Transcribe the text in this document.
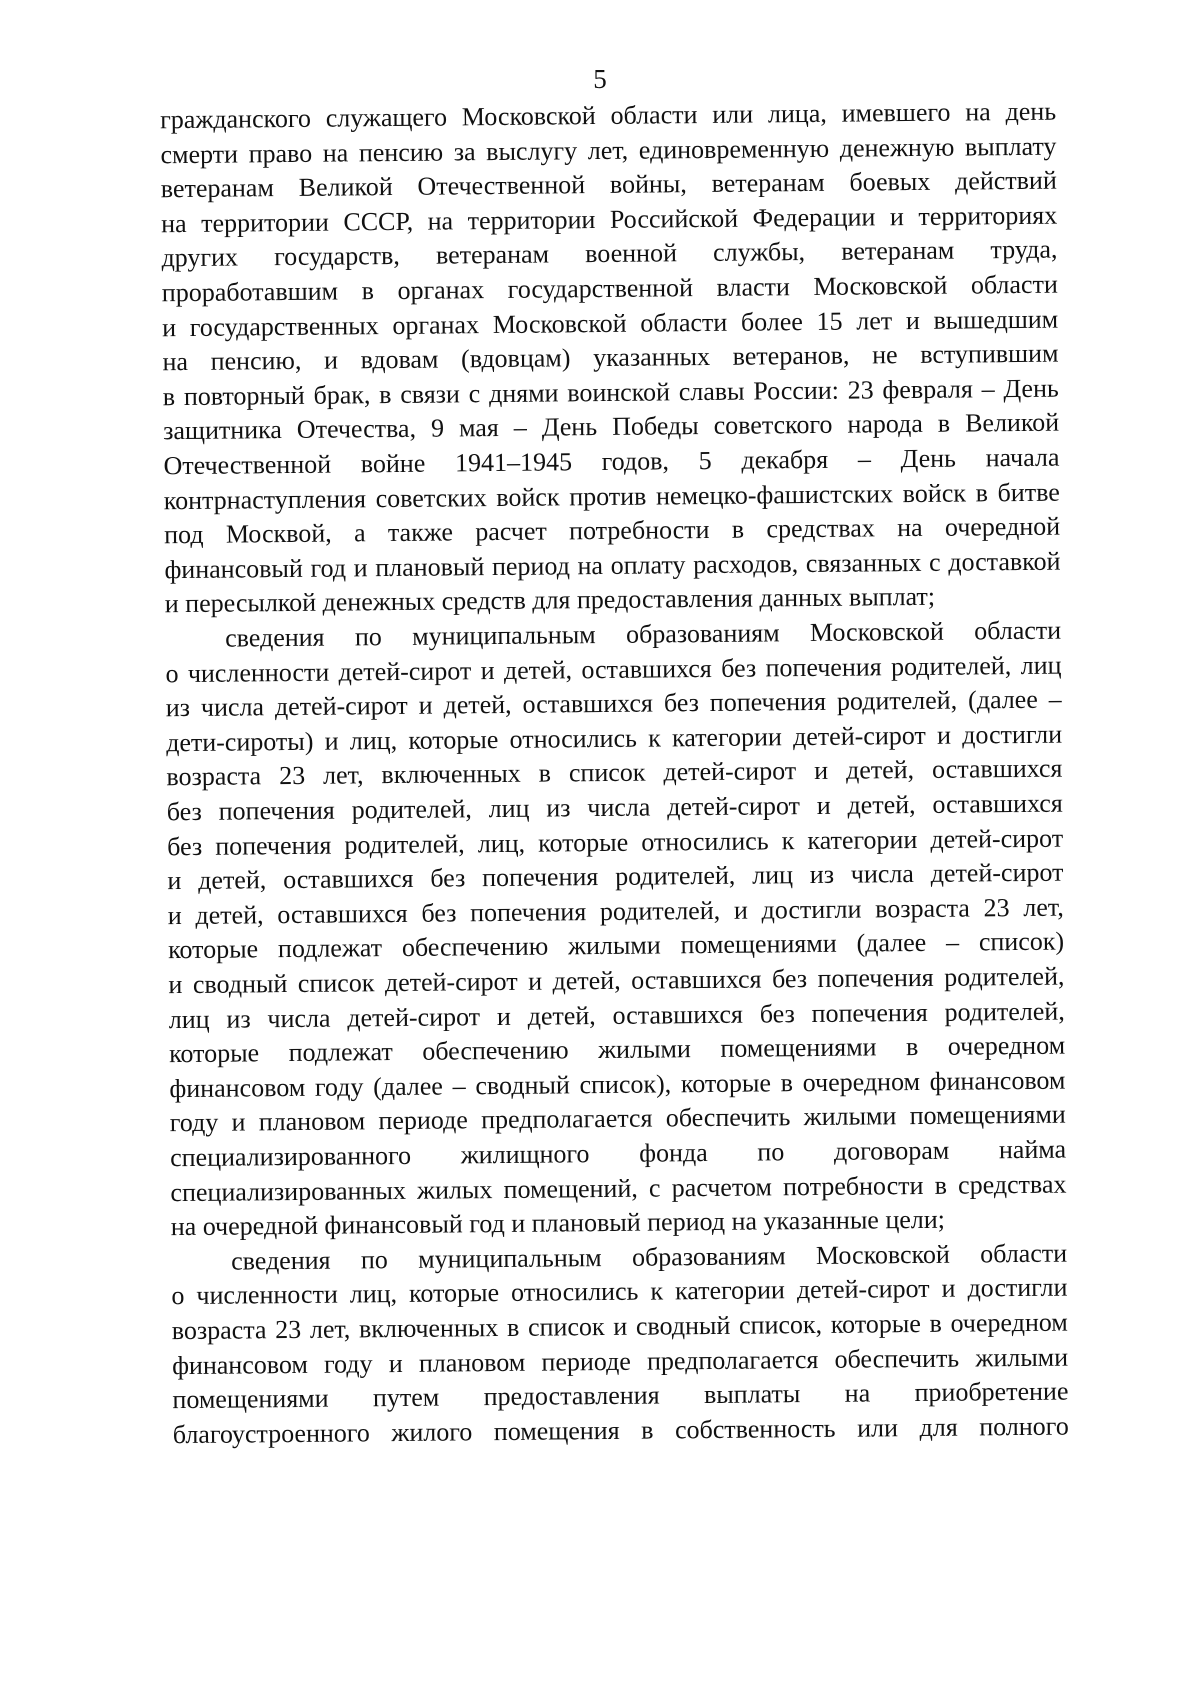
5
гражданского служащего Московской области или лица, имевшего на день
смерти право на пенсию за выслугу лет, единовременную денежную выплату
ветеранам Великой Отечественной войны, ветеранам боевых действий
на территории СССР, на территории Российской Федерации и территориях
других государств, ветеранам военной службы, ветеранам труда,
проработавшим в органах государственной власти Московской области
и государственных органах Московской области более 15 лет и вышедшим
на пенсию, и вдовам (вдовцам) указанных ветеранов, не вступившим
в повторный брак, в связи с днями воинской славы России: 23 февраля – День
защитника Отечества, 9 мая – День Победы советского народа в Великой
Отечественной войне 1941–1945 годов, 5 декабря – День начала
контрнаступления советских войск против немецко-фашистских войск в битве
под Москвой, а также расчет потребности в средствах на очередной
финансовый год и плановый период на оплату расходов, связанных с доставкой
и пересылкой денежных средств для предоставления данных выплат;
сведения по муниципальным образованиям Московской области
о численности детей-сирот и детей, оставшихся без попечения родителей, лиц
из числа детей-сирот и детей, оставшихся без попечения родителей, (далее –
дети-сироты) и лиц, которые относились к категории детей-сирот и достигли
возраста 23 лет, включенных в список детей-сирот и детей, оставшихся
без попечения родителей, лиц из числа детей-сирот и детей, оставшихся
без попечения родителей, лиц, которые относились к категории детей-сирот
и детей, оставшихся без попечения родителей, лиц из числа детей-сирот
и детей, оставшихся без попечения родителей, и достигли возраста 23 лет,
которые подлежат обеспечению жилыми помещениями (далее – список)
и сводный список детей-сирот и детей, оставшихся без попечения родителей,
лиц из числа детей-сирот и детей, оставшихся без попечения родителей,
которые подлежат обеспечению жилыми помещениями в очередном
финансовом году (далее – сводный список), которые в очередном финансовом
году и плановом периоде предполагается обеспечить жилыми помещениями
специализированного жилищного фонда по договорам найма
специализированных жилых помещений, с расчетом потребности в средствах
на очередной финансовый год и плановый период на указанные цели;
сведения по муниципальным образованиям Московской области
о численности лиц, которые относились к категории детей-сирот и достигли
возраста 23 лет, включенных в список и сводный список, которые в очередном
финансовом году и плановом периоде предполагается обеспечить жилыми
помещениями путем предоставления выплаты на приобретение
благоустроенного жилого помещения в собственность или для полного
